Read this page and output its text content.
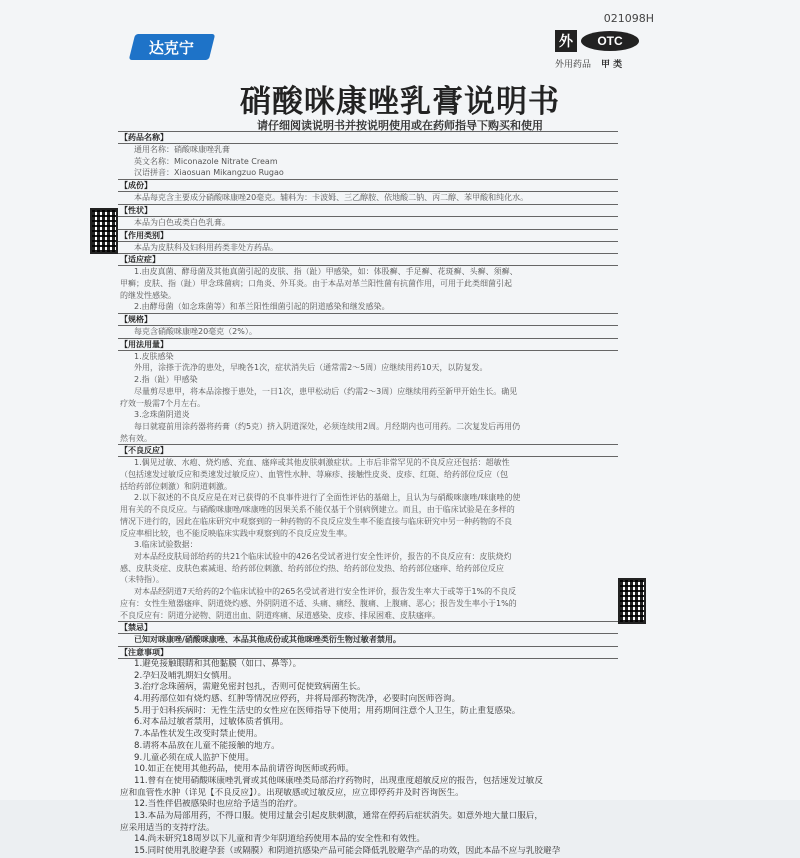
021098H
达克宁	外	OTC
外用药品 甲 类
硝酸咪康唑乳膏说明书
请仔细阅读说明书并按说明使用或在药师指导下购买和使用
【药品名称】
通用名称：硝酸咪康唑乳膏
英文名称：Miconazole Nitrate Cream
汉语拼音：Xiaosuan Mikangzuo Rugao
【成份】
本品每克含主要成分硝酸咪康唑20毫克。辅料为：卡波姆、三乙醇胺、依地酸二钠、丙二醇、苯甲酸和纯化水。
【性状】
本品为白色或类白色乳膏。
【作用类别】
本品为皮肤科及妇科用药类非处方药品。
【适应症】
1.由皮真菌、酵母菌及其他真菌引起的皮肤、指（趾）甲感染，如：体股癣、手足癣、花斑癣、头癣、须癣、
甲癣；皮肤、指（趾）甲念珠菌病；口角炎、外耳炎。由于本品对革兰阳性菌有抗菌作用，可用于此类细菌引起
的继发性感染。
2.由酵母菌（如念珠菌等）和革兰阳性细菌引起的阴道感染和继发感染。
【规格】
每克含硝酸咪康唑20毫克（2%）。
【用法用量】
1.皮肤感染
外用，涂搽于洗净的患处，早晚各1次，症状消失后（通常需2～5周）应继续用药10天，以防复发。
2.指（趾）甲感染
尽量剪尽患甲，将本品涂擦于患处，一日1次，患甲松动后（约需2～3周）应继续用药至新甲开始生长。确见
疗效一般需7个月左右。
3.念珠菌阴道炎
每日就寝前用涂药器将药膏（约5克）挤入阴道深处，必须连续用2周。月经期内也可用药。二次复发后再用仍
然有效。
【不良反应】
1.偶见过敏、水疱、烧灼感、充血、瘙痒或其他皮肤刺激症状。上市后非常罕见的不良反应还包括：超敏性
（包括速发过敏反应和类速发过敏反应）、血管性水肿、荨麻疹、接触性皮炎、皮疹、红斑、给药部位反应（包
括给药部位刺激）和阴道刺激。
2.以下叙述的不良反应是在对已获得的不良事件进行了全面性评估的基础上，且认为与硝酸咪康唑/咪康唑的使
用有关的不良反应。与硝酸咪康唑/咪康唑的因果关系不能仅基于个别病例建立。而且，由于临床试验是在多样的
情况下进行的，因此在临床研究中观察到的一种药物的不良反应发生率不能直接与临床研究中另一种药物的不良
反应率相比较，也不能反映临床实践中观察到的不良反应发生率。
3.临床试验数据：
对本品经皮肤局部给药的共21个临床试验中的426名受试者进行安全性评价，报告的不良反应有：皮肤烧灼
感、皮肤炎症、皮肤色素减退、给药部位刺激、给药部位灼热、给药部位发热、给药部位瘙痒、给药部位反应
（未特指）。
对本品经阴道7天给药的2个临床试验中的265名受试者进行安全性评价，报告发生率大于或等于1%的不良反
应有：女性生殖器瘙痒、阴道烧灼感、外阴阴道不适、头痛、痛经、腹痛、上腹痛、恶心；报告发生率小于1%的
不良反应有：阴道分泌物、阴道出血、阴道疼痛、尿道感染、皮疹、排尿困难、皮肤瘙痒。
【禁忌】
已知对咪康唑/硝酸咪康唑、本品其他成份或其他咪唑类衍生物过敏者禁用。
【注意事项】
1.避免接触眼睛和其他黏膜（如口、鼻等）。
2.孕妇及哺乳期妇女慎用。
3.治疗念珠菌病，需避免密封包扎，否则可促使致病菌生长。
4.用药部位如有烧灼感、红肿等情况应停药，并将局部药物洗净，必要时向医师咨询。
5.用于妇科疾病时：无性生活史的女性应在医师指导下使用；用药期间注意个人卫生，防止重复感染。
6.对本品过敏者禁用，过敏体质者慎用。
7.本品性状发生改变时禁止使用。
8.请将本品放在儿童不能接触的地方。
9.儿童必须在成人监护下使用。
10.如正在使用其他药品，使用本品前请咨询医师或药师。
11.曾有在使用硝酸咪康唑乳膏或其他咪康唑类局部治疗药物时，出现重度超敏反应的报告，包括速发过敏反
应和血管性水肿（详见【不良反应】）。出现敏感或过敏反应，应立即停药并及时咨询医生。
12.当性伴侣被感染时也应给予适当的治疗。
13.本品为局部用药，不得口服。使用过量会引起皮肤刺激，通常在停药后症状消失。如意外地大量口服后，
应采用适当的支持疗法。
14.尚未研究18周岁以下儿童和青少年阴道给药使用本品的安全性和有效性。
15.同时使用乳胶避孕套（或隔膜）和阴道抗感染产品可能会降低乳胶避孕产品的功效，因此本品不应与乳胶避孕
